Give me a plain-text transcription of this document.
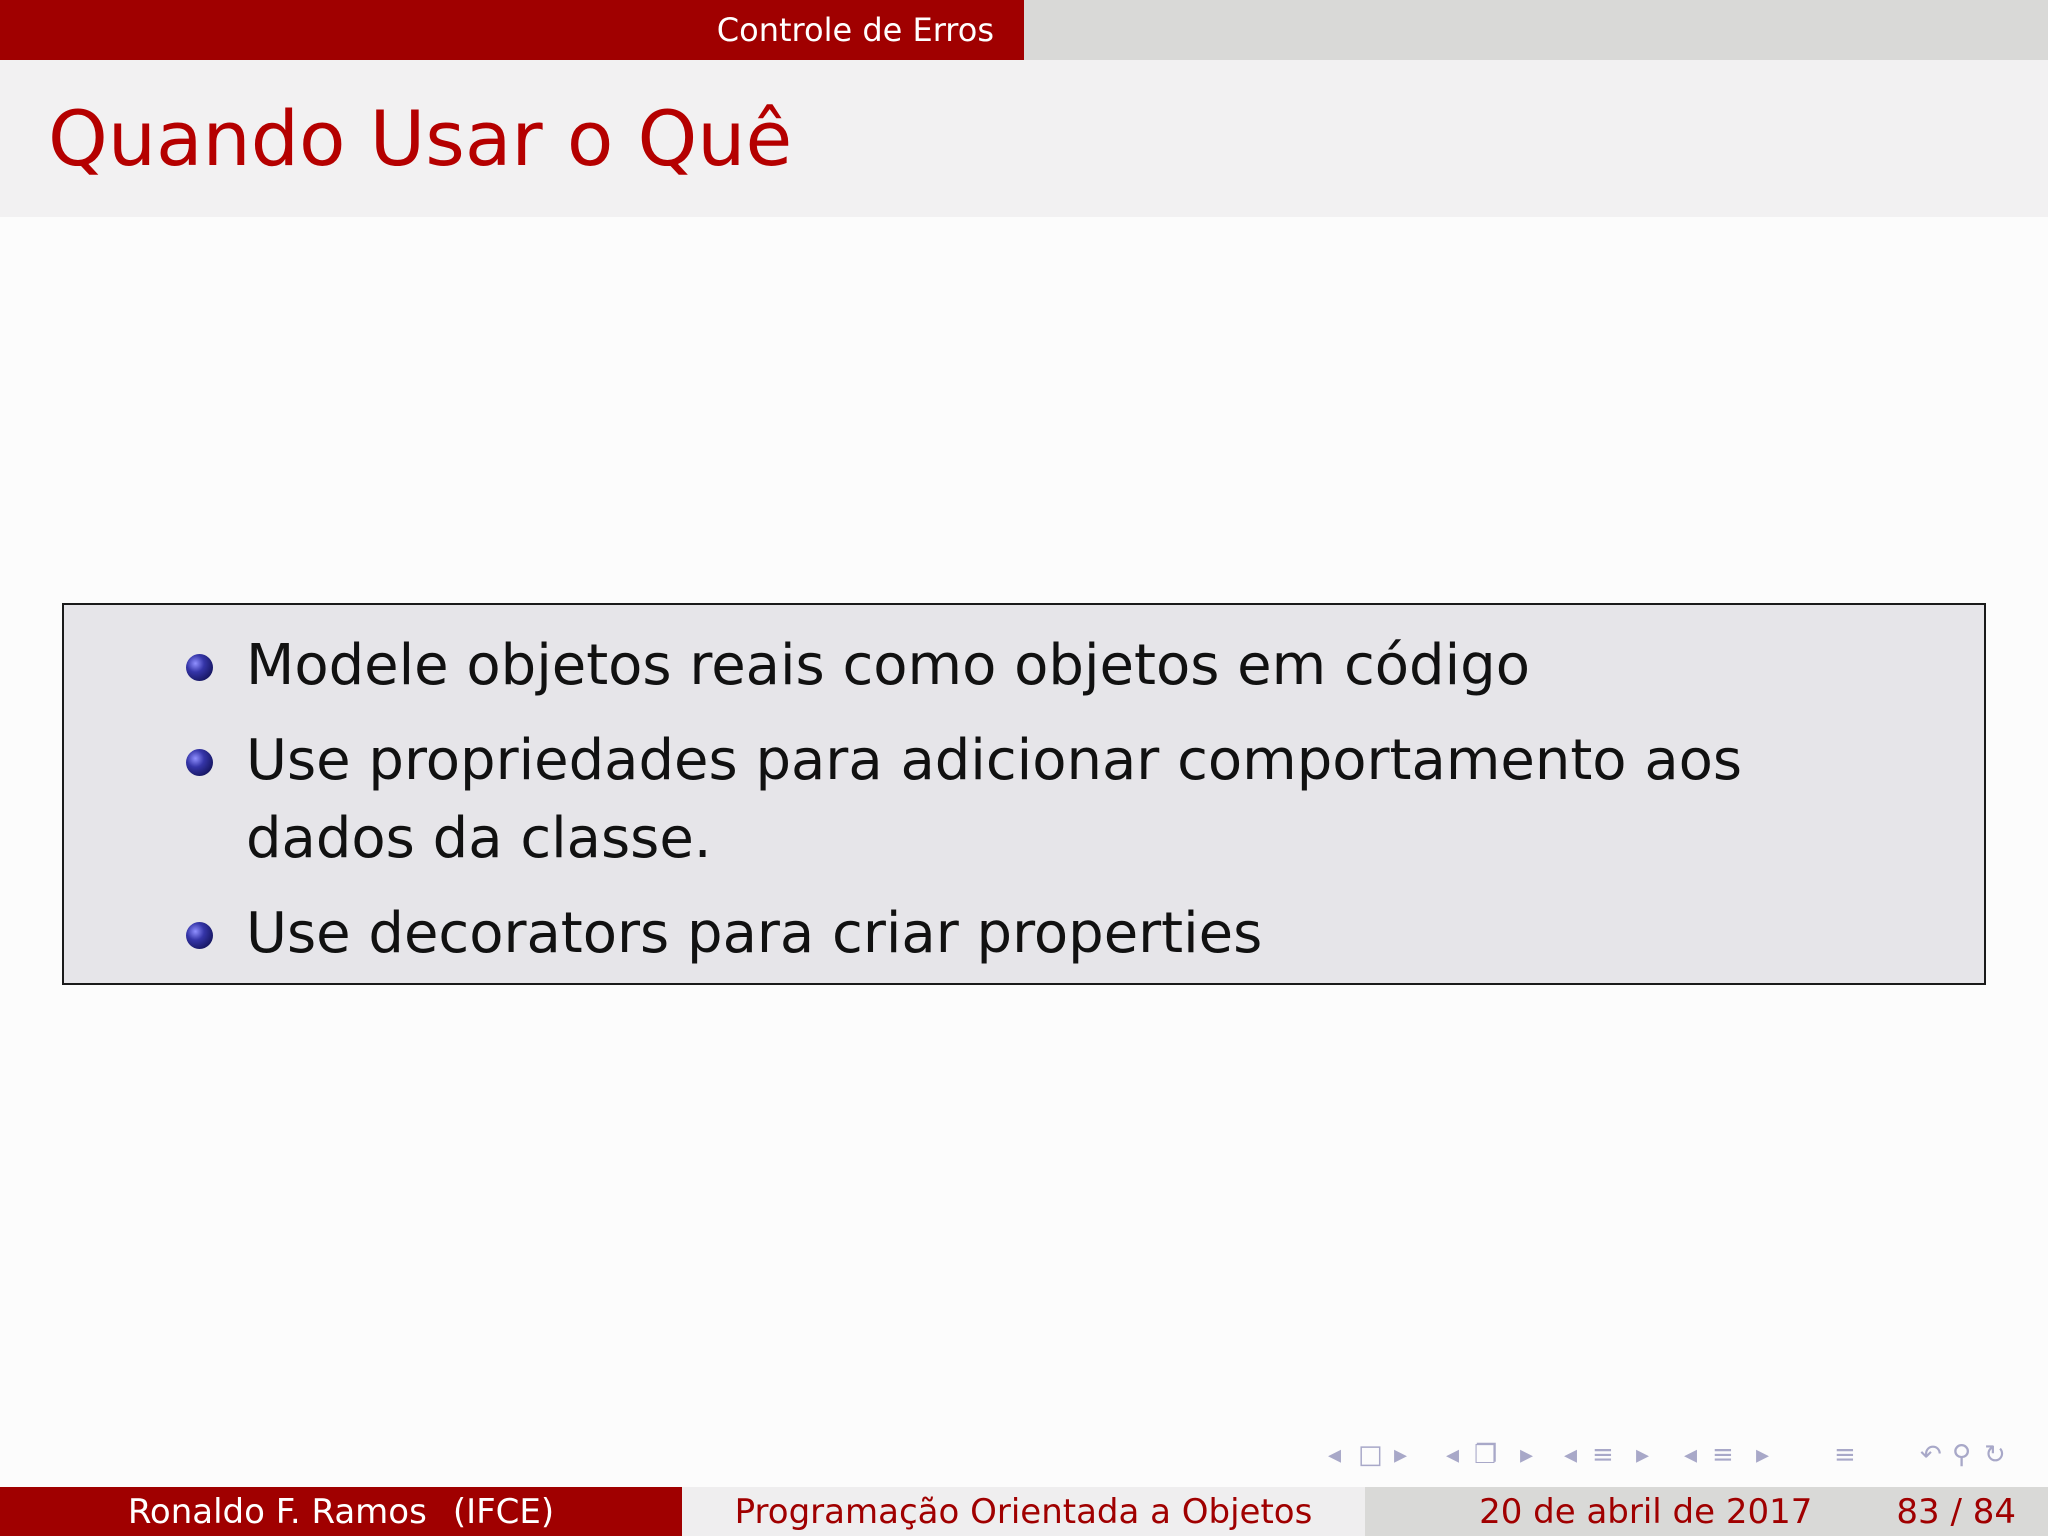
Controle de Erros
Quando Usar o Quê
Modele objetos reais como objetos em código
Use propriedades para adicionar comportamento aos dados da classe.
Use decorators para criar properties
◂ □ ▸ ◂ ❐ ▸ ◂ ≡ ▸ ◂ ≡ ▸ ≡ ↶ ⚲ ↻
Ronaldo F. Ramos (IFCE)	Programação Orientada a Objetos	20 de abril de 2017 83 / 84
